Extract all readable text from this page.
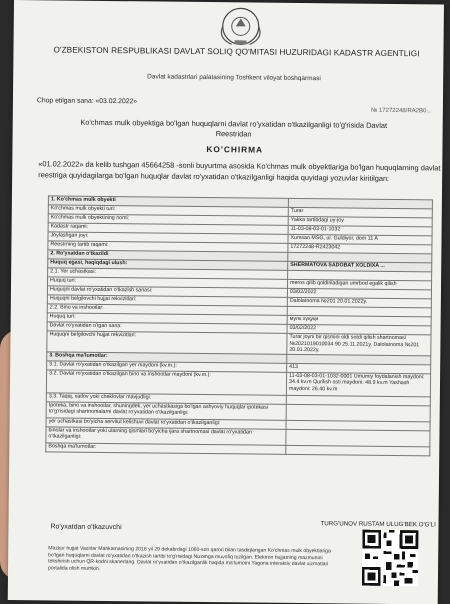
O'ZBEKISTON RESPUBLIKASI DAVLAT SOLIQ QO'MITASI HUZURIDAGI KADASTR AGENTLIGI
Davlat kadastrlari palatasining Toshkent viloyat boshqarmasi
Chop etilgan sana: «03.02.2022»
№ 17272248/RA2B0...
Ko'chmas mulk obyektiga bo'lgan huquqlarni davlat ro'yxatidan o'tkazilganligi to'g'risida Davlat Reestridan
KO'CHIRMA
«01.02.2022» da kelib tushgan 45664258 -sonli buyurtma asosida Ko'chmas mulk obyektlariga bo'lgan huquqlarning davlat reestriga quyidagilarga bo'lgan huquqlar davlat ro'yxatidan o'tkazilganligi haqida quyidagi yozuvlar kiritilgan:
1. Ko'chmas mulk obyekti	
Ko'chmas mulk obyekti turi:	Turar
Ko'chmas mulk obyektining nomi:	Yakka tartibdagi uy-joy
Kadastr raqami:	11-03-08-03-01-1032
Joylashgan joyi:	Xumsan MSG, ul. Guldiyor, dom 11 A
Reestrning tartib raqami:	17272248-R2423042
2. Ro'yxatdan o'tkazildi	
Huquq egasi, haqiqdagi ulush:	SHERMATOVA SADOBAT XOLDIXA ...
2.1. Yer uchastkasi:	
Huquq turi:	meros qilib qoldiriladigan umrbod egalik qilish
Huquqni davlat ro'yxatidan o'tkazish sanasi:	03/02/2022
Huquqni belgilovchi hujjat rekvizitlari:	Dalolatnoma №201 20.01.2022y.
2.2. Bino va inshootlar:	
Huquq turi:	мулк хуқуқи
Davlat ro'yxatidan o'tgan sana:	03/02/2022
Huquqni belgilovchi hujjat rekvizitlari:	Turar joyni bir qismini oldi sotdi qilish shartnomasi №2021019010034 90 25.11.2021y. Dalolatnoma №201 20.01.2022y.
3. Boshqa ma'lumotlar:	
3.1. Davlat ro'yxatidan o'tkazilgan yer maydoni (kv.m.):	413
3.2. Davlat ro'yxatidan o'tkazilgan bino va inshootlar maydoni (kv.m.):	11-03-08-03-01-1032-0001 Umumiy foydalanish maydoni: 34.4 kv.m Qurilish osti maydoni: 48.9 kv.m Yashash maydoni: 26.40 kv.m
3.3. Taqiq, xatlov yoki cheklovlar mavjudligi:	
Ipoteka, bino va inshootlar, shuningdek, yer uchastkasiga bo'lgan ashyoviy huquqlar ipotekasi to'g'risidagi shartnomalarni davlat ro'yxatidan o'tkazilganligi:	
yer uchastkasi bo'yicha servitut kelishuvi davlat ro'yxatidan o'tkazilganligi:	
binolar va inshootlar yoki ularning qismlari bo'yicha ijara shartnomasi davlat ro'yxatidan o'tkazilganligi:	
Boshqa ma'lumotlar:	
Ro'yxatdan o'tkazuvchi	TURG'UNOV RUSTAM ULUG'BEK O'G'LI
Mazkur hujjat Vazirlar Mahkamasining 2018 yil 29 dekabrdagi 1060-son qarori bilan tasdiqlangan Ko'chmas mulk obyektlariga bo'lgan huquqlarni davlat ro'yxatidan o'tkazish tartibi to'g'risidagi Nizomga muvofiq tuzilgan. Elektron hujjatning mazmunini tekshirish uchun QR-kodni skanerlang. Davlat ro'yxatidan o'tkazilganlik haqida ma'lumotni Yagona interaktiv davlat xizmatlari portalida olish mumkin.
